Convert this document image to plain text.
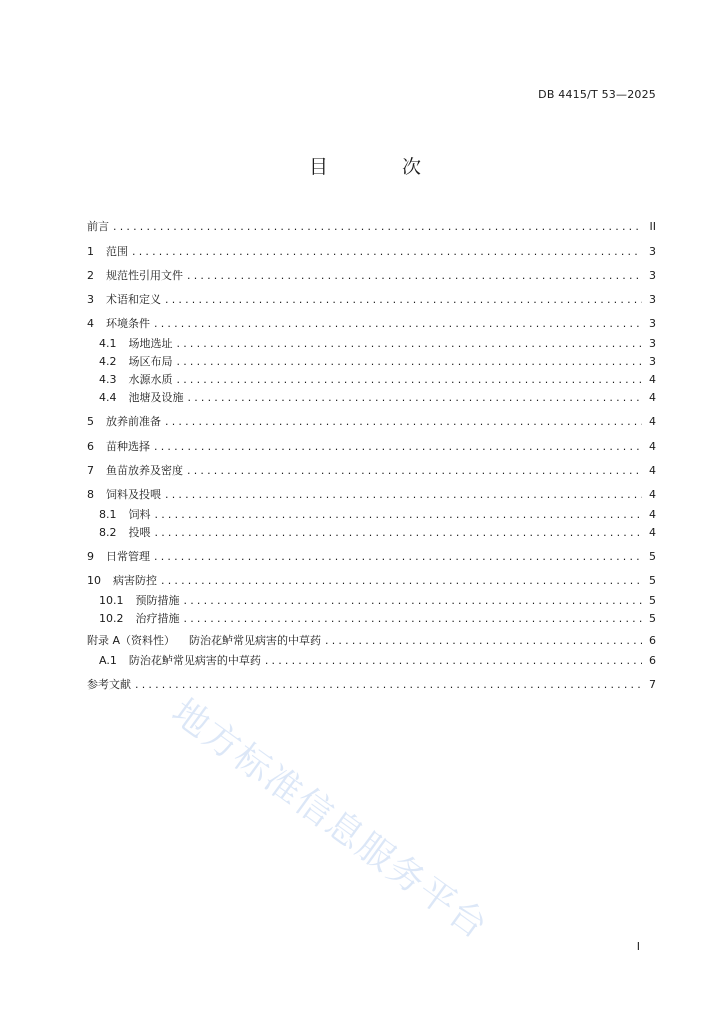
DB 4415/T 53—2025
目 次
前言 .....	II
1 范围 .....	3
2 规范性引用文件 .....	3
3 术语和定义 .....	3
4 环境条件 .....	3
4.1 场地选址 .....	3
4.2 场区布局 .....	3
4.3 水源水质 .....	4
4.4 池塘及设施 .....	4
5 放养前准备 .....	4
6 苗种选择 .....	4
7 鱼苗放养及密度 .....	4
8 饲料及投喂 .....	4
8.1 饲料 .....	4
8.2 投喂 .....	4
9 日常管理 .....	5
10 病害防控 .....	5
10.1 预防措施 .....	5
10.2 治疗措施 .....	5
附录 A（资料性） 防治花鲈常见病害的中草药 .....	6
A.1 防治花鲈常见病害的中草药 .....	6
参考文献 .....	7
地方标准信息服务平台	I
